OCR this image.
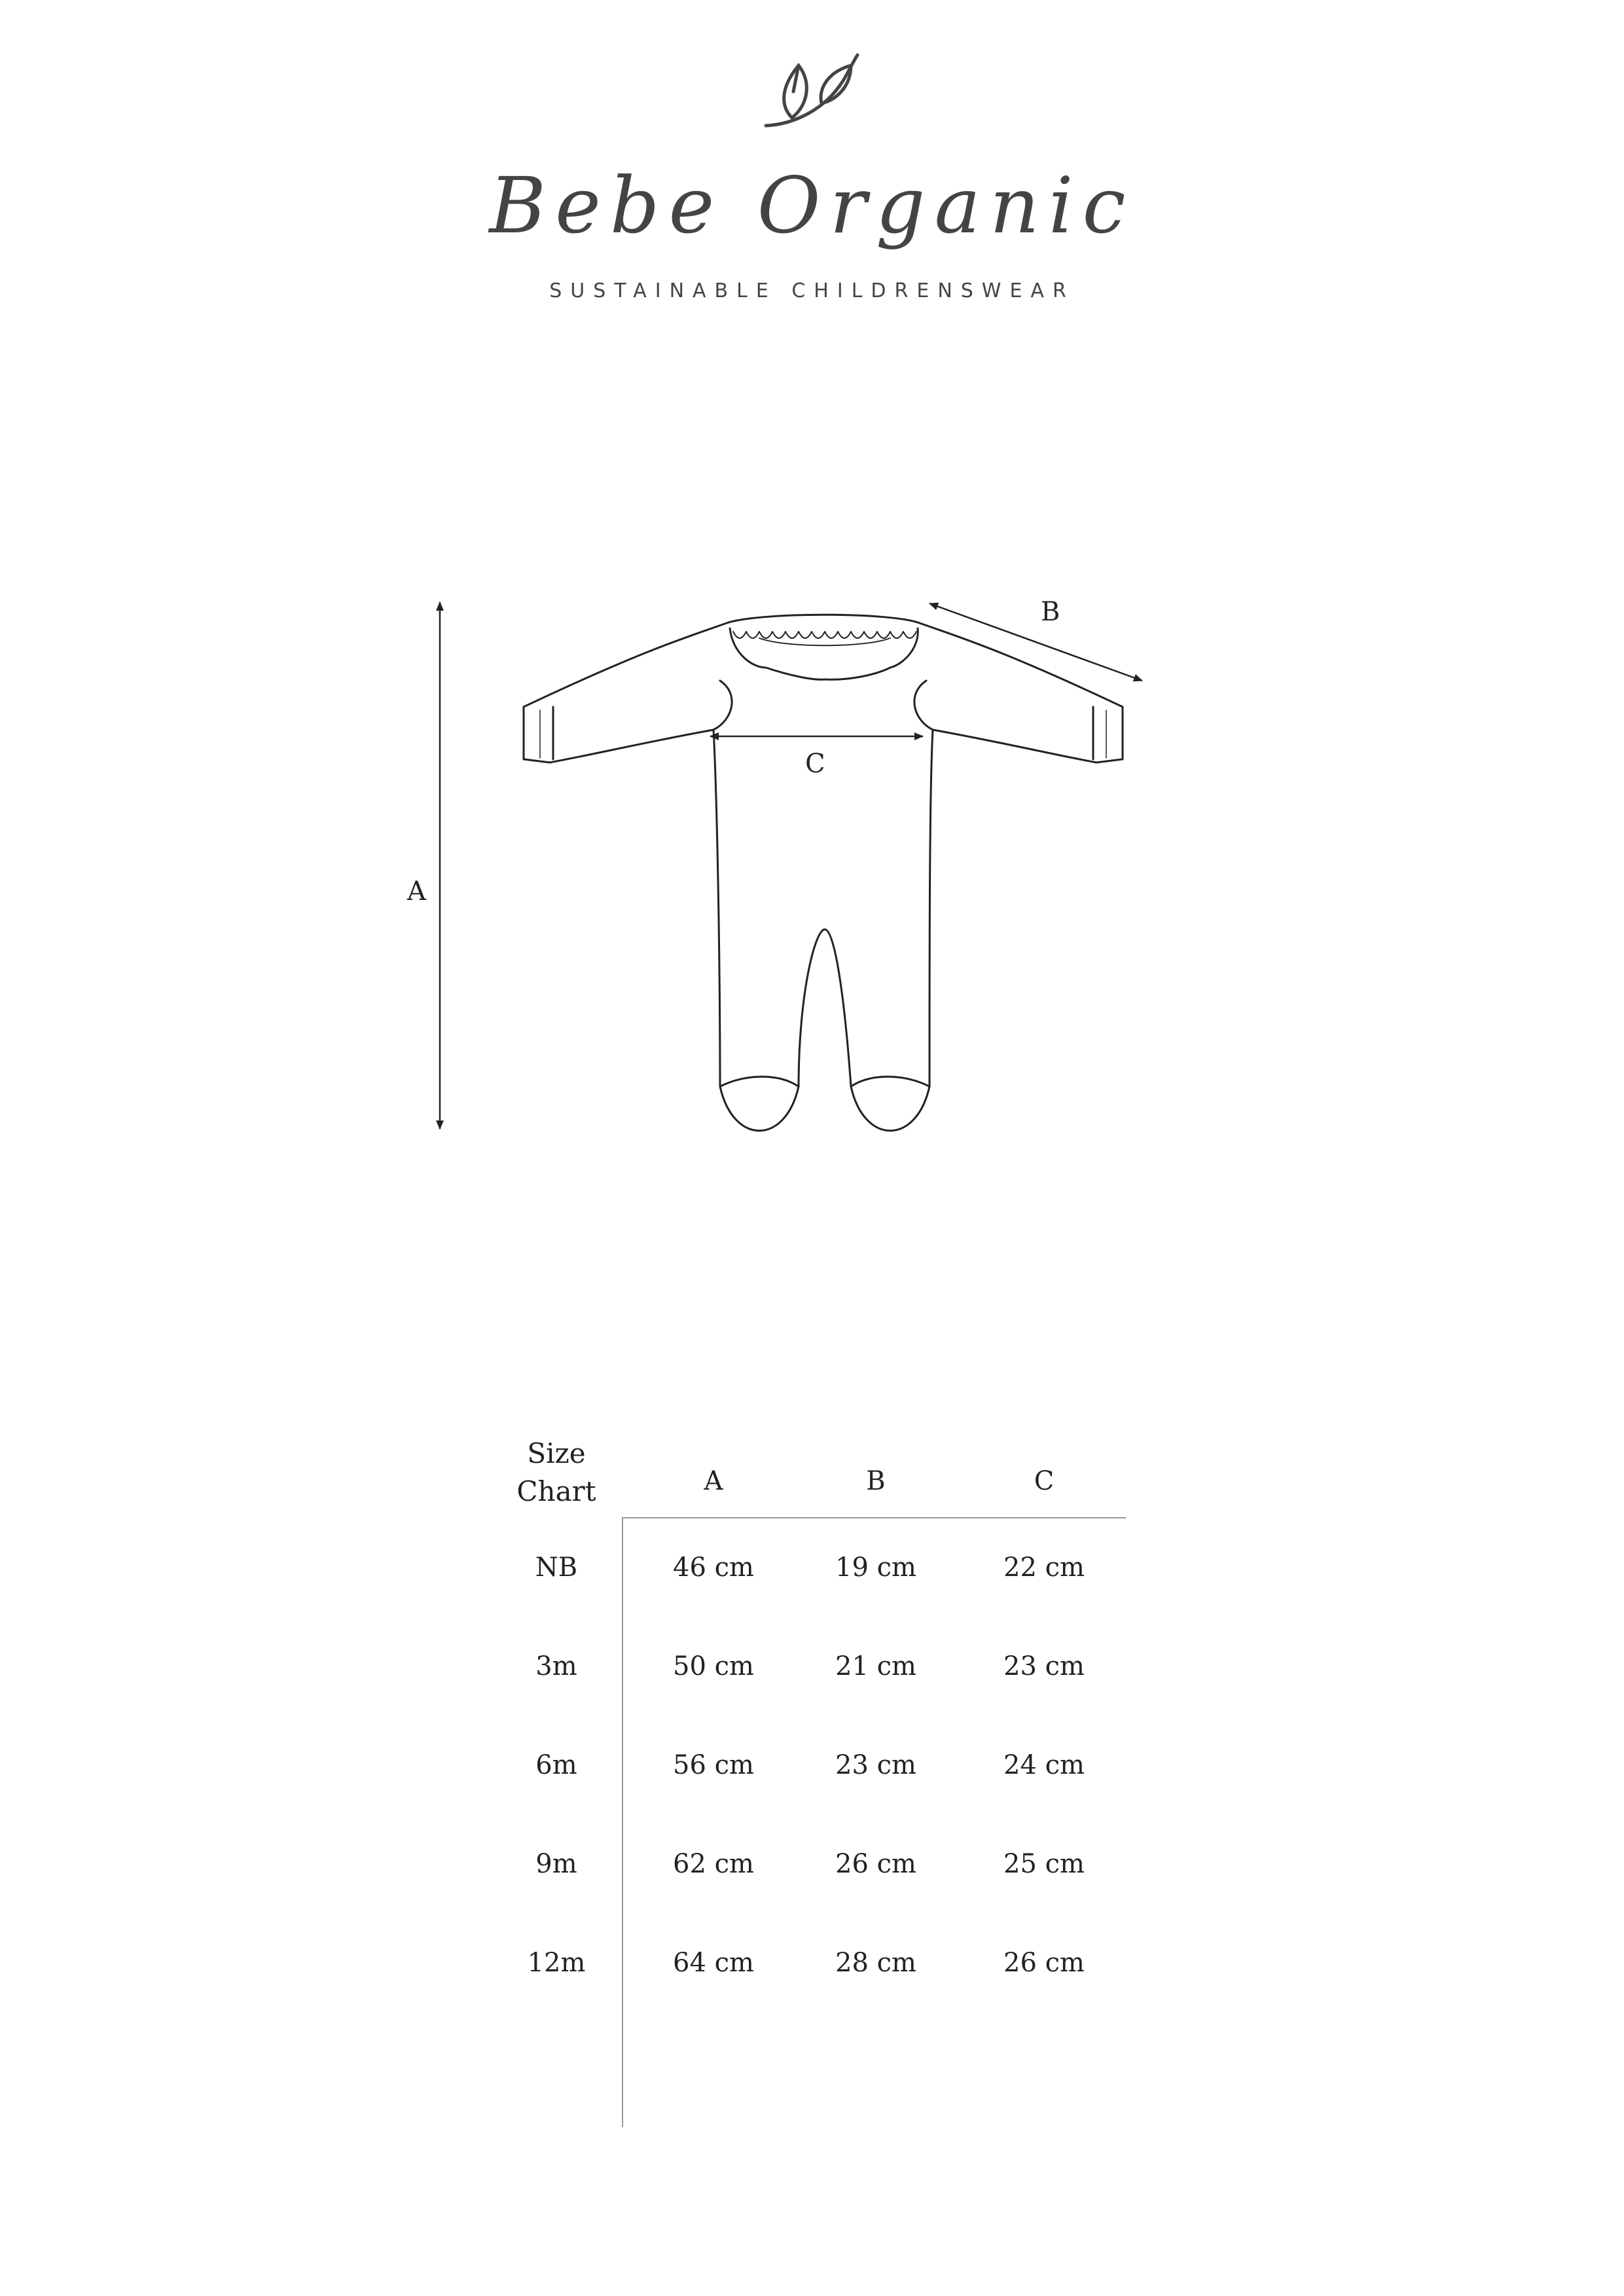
Bebe Organic
SUSTAINABLE CHILDRENSWEAR
A
B
C
Size
Chart	A	B	C
NB	46 cm	19 cm	22 cm
3m	50 cm	21 cm	23 cm
6m	56 cm	23 cm	24 cm
9m	62 cm	26 cm	25 cm
12m	64 cm	28 cm	26 cm
